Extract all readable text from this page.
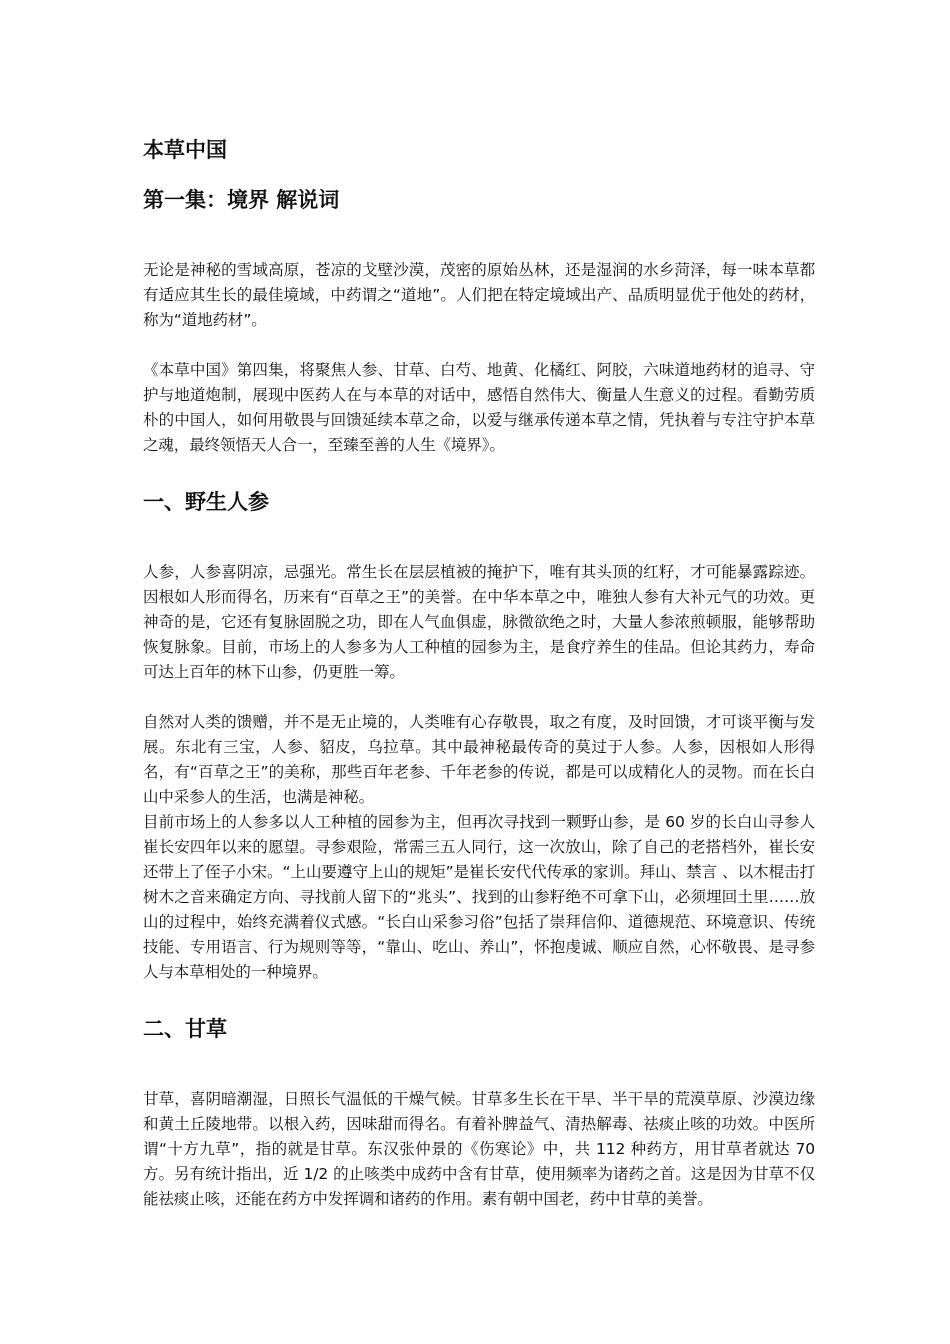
本草中国
第一集：境界 解说词

无论是神秘的雪域高原，苍凉的戈壁沙漠，茂密的原始丛林，还是湿润的水乡菏泽，每一味本草都有适应其生长的最佳境域，中药谓之“道地”。人们把在特定境域出产、品质明显优于他处的药材，称为“道地药材”。

《本草中国》第四集，将聚焦人参、甘草、白芍、地黄、化橘红、阿胶，六味道地药材的追寻、守护与地道炮制，展现中医药人在与本草的对话中，感悟自然伟大、衡量人生意义的过程。看勤劳质朴的中国人，如何用敬畏与回馈延续本草之命，以爱与继承传递本草之情，凭执着与专注守护本草之魂，最终领悟天人合一，至臻至善的人生《境界》。

一、野生人参

人参，人参喜阴凉，忌强光。常生长在层层植被的掩护下，唯有其头顶的红籽，才可能暴露踪迹。因根如人形而得名，历来有“百草之王”的美誉。在中华本草之中，唯独人参有大补元气的功效。更神奇的是，它还有复脉固脱之功，即在人气血俱虚，脉微欲绝之时，大量人参浓煎顿服，能够帮助恢复脉象。目前，市场上的人参多为人工种植的园参为主，是食疗养生的佳品。但论其药力，寿命可达上百年的林下山参，仍更胜一筹。

自然对人类的馈赠，并不是无止境的，人类唯有心存敬畏，取之有度，及时回馈，才可谈平衡与发展。东北有三宝，人参、貂皮，乌拉草。其中最神秘最传奇的莫过于人参。人参，因根如人形得名，有“百草之王”的美称，那些百年老参、千年老参的传说，都是可以成精化人的灵物。而在长白山中采参人的生活，也满是神秘。

目前市场上的人参多以人工种植的园参为主，但再次寻找到一颗野山参，是 60 岁的长白山寻参人崔长安四年以来的愿望。寻参艰险，常需三五人同行，这一次放山，除了自己的老搭档外，崔长安还带上了侄子小宋。“上山要遵守上山的规矩”是崔长安代代传承的家训。拜山、禁言 、以木棍击打树木之音来确定方向、寻找前人留下的“兆头”、找到的山参籽绝不可拿下山，必须埋回土里……放山的过程中，始终充满着仪式感。“长白山采参习俗”包括了崇拜信仰、道德规范、环境意识、传统技能、专用语言、行为规则等等，“靠山、吃山、养山”，怀抱虔诚、顺应自然，心怀敬畏、是寻参人与本草相处的一种境界。

二、甘草

甘草，喜阴暗潮湿，日照长气温低的干燥气候。甘草多生长在干旱、半干旱的荒漠草原、沙漠边缘和黄土丘陵地带。以根入药，因味甜而得名。有着补脾益气、清热解毒、祛痰止咳的功效。中医所谓“十方九草”，指的就是甘草。东汉张仲景的《伤寒论》中，共 112 种药方，用甘草者就达 70 方。另有统计指出，近 1/2 的止咳类中成药中含有甘草，使用频率为诸药之首。这是因为甘草不仅能祛痰止咳，还能在药方中发挥调和诸药的作用。素有朝中国老，药中甘草的美誉。
